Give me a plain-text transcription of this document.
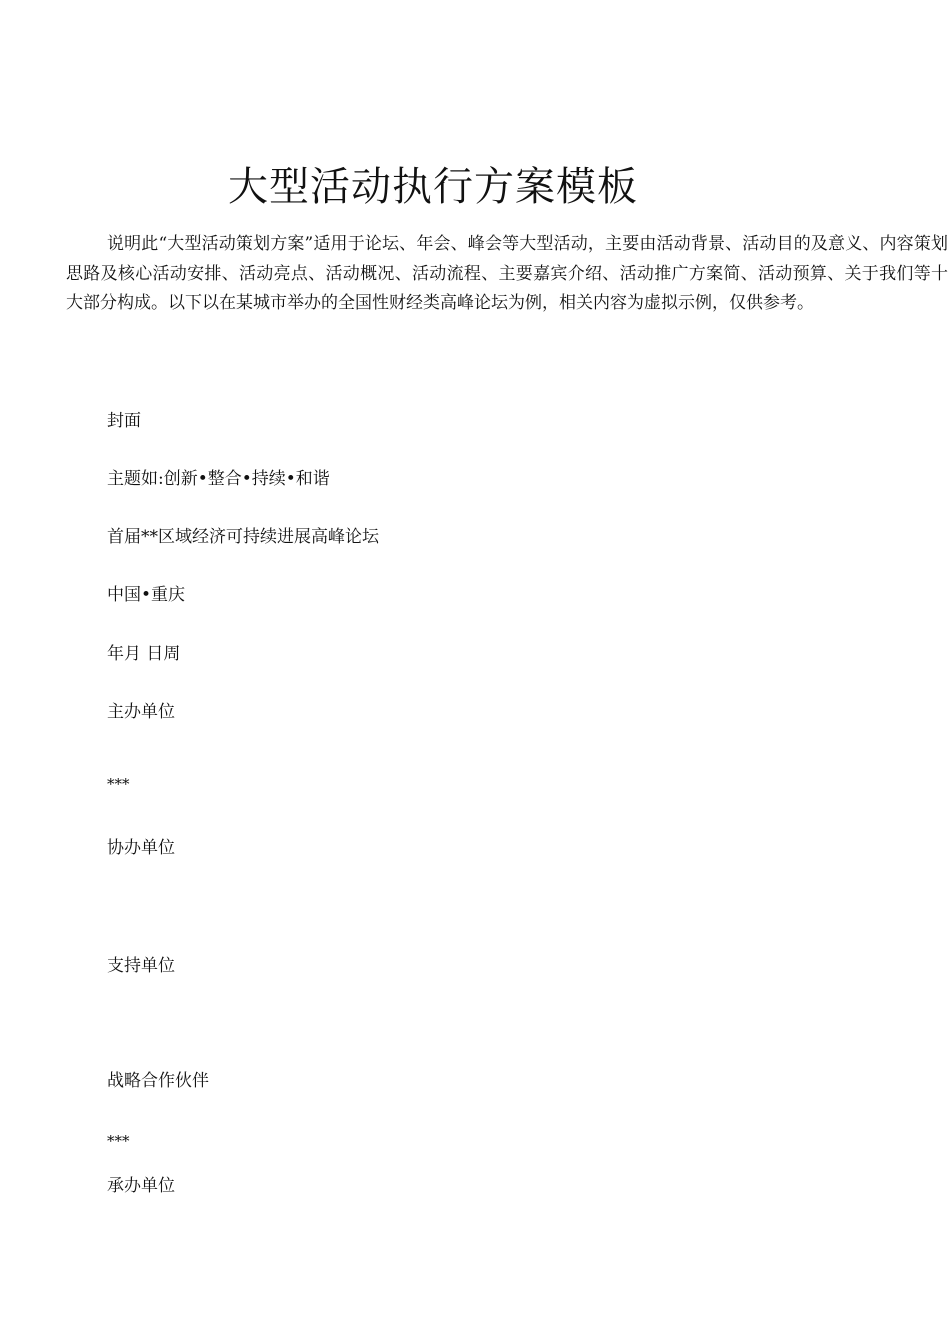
大型活动执行方案模板

说明此“大型活动策划方案”适用于论坛、年会、峰会等大型活动，主要由活动背景、活动目的及意义、内容策划思路及核心活动安排、活动亮点、活动概况、活动流程、主要嘉宾介绍、活动推广方案简、活动预算、关于我们等十大部分构成。以下以在某城市举办的全国性财经类高峰论坛为例，相关内容为虚拟示例，仅供参考。

封面
主题如:创新•整合•持续•和谐
首届**区域经济可持续进展高峰论坛
中国•重庆
年月 日周
主办单位
***
协办单位
支持单位
战略合作伙伴
***
承办单位
